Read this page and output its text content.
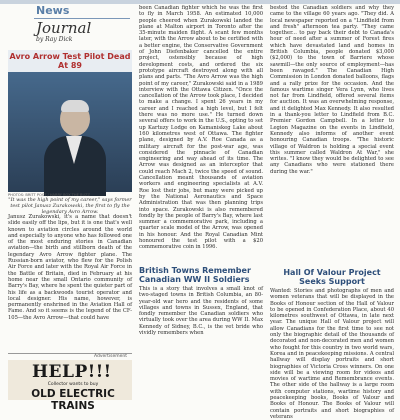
News
Journal
by Ray Dick
Avro Arrow Test Pilot Dead At 89
PHOTOS: BRITT POST / HARRY BOX THE BUZZ
"It was the high point of my career," says former test pilot Janusz Zurakowski, the first to fly the legendary Avro Arrow.

Janusz Zurakowski, it's a name that doesn't slide easily off the lips, but it is one that's well known to aviation circles around the world and especially to anyone who has followed one of the most enduring stories in Canadian aviation—the birth and stillborn death of the legendary Avro Arrow fighter plane. The Russian-born aviator, who flew for the Polish Air Force and later with the Royal Air Force in the Battle of Britain, died in February at his home near the small Ontario community of Barry's Bay, where he spent the quieter part of his life as a backwoods tourist operator and local designer. His name, however, is permanently enshrined in the Aviation Hall of Fame. And so it seems is the legend of the CF-105—the Avro Arrow—that could have

Advertisement
HELP!!!
Collector wants to buy
OLD ELECTRIC TRAINS

been Canadian fighter which he was the first to fly in March 1958. An estimated 10,000 people cheered when Zurakowski landed the plane at Malton airport in Toronto after the 35-minute maiden flight. A scant few months later, with the Arrow about to be certified with a better engine, the Conservative Government of John Diefenbaker cancelled the entire project, ostensibly because of high development costs, and ordered the six prototype aircraft destroyed along with all plans and parts. "The Avro Arrow was the high point of my career," Zurakowski said in a 1989 interview with the Ottawa Citizen. "Once the cancellation of the Arrow took place, I decided to make a change. I spent 26 years in my career and I reached a high level, but I felt there was no more use." He turned down several offers to work in the U.S., opting to set up Kartuzy Lodge on Kamaniskeg Lake about 160 kilometres west of Ottawa. The fighter plane, designed by A.V. Roe Canada as a military aircraft for the post-war age, was considered the pinnacle of Canadian engineering and way ahead of its time. The Arrow was designed as an interceptor that could reach Mach 2, twice the speed of sound. Cancellation meant thousands of aviation workers and engineering specialists at A.V. Roe lost their jobs, but many were picked up by the National Aeronautics and Space Administration that was then planning trips into space. Zurakowski is also remembered fondly by the people of Barry's Bay, where last summer a commemorative park, including a quarter scale model of the Arrow, was opened in his honour. And the Royal Canadian Mint honoured the test pilot with a $20 commemorative coin in 1996.

British Towns Remember Canadian WW II Soldiers

This is a story that involves a small knot of two-staged towns in British Columbia, an 80-year-old war hero and the residents of some villages and towns in Sussex, England, that fondly remember the Canadian soldiers who virtually took over the area during WW II. Max Kennedy of Sidney, B.C., is the vet bride who vividly remembers when

bested the Canadian soldiers and why they came to the village 60 years ago. "They did. A local newspaper reported on a "Lindfield from and fresh" afternoon tea party. "They came together... to pay back their debt to Canada's hour of need after a summer of Forest fires which have devastated land and homes in British Columbia, people donated $3,000 ($2,000) to the town of Barriere whose sawmill—the only source of employment—has been ravaged." The Canadian High Commission in London donated balloons, flags and a rally prize for the occasion. And the famous wartime singer Vera Lynn, who lives not far from Lindfield, offered several items for auction. It was an overwhelming response, and it delighted Max Kennedy. It also resulted in a thank-you letter to Lindfield from B.C. Premier Gordon Campbell. In a letter to Legion Magazine on the events in Lindfield, Kennedy also informs of another event honouring Canadian troops. "The historic village of Waldron is holding a special event this summer called Waldron At War," she writes. "I know they would be delighted to see any Canadians who were stationed there during the war."

Hall Of Valour Project Seeks Support

Wanted: Stories and photographs of men and women veterans that will be displayed in the Books of Honour section of the Hall of Valour to be opened in Confederation Place, about 40 kilometres southwest of Ottawa, in late next year. The unique Hall of Valour project will allow Canadians for the first time to see not only the biographic detail of the thousands of decorated and non-decorated men and women who fought for this country in two world wars, Korea and in peacekeeping missions. A central hallway will display portraits and short biographies of Victoria Cross winners. On one side will be a viewing room for videos and movies of wartime and Remembrance events. The other side of the hallway is a large room with computer stations, wartime history and peacekeeping books, Books of Valour and Books of Honour. The Books of Valour will contain portraits and short biographies of veterans
